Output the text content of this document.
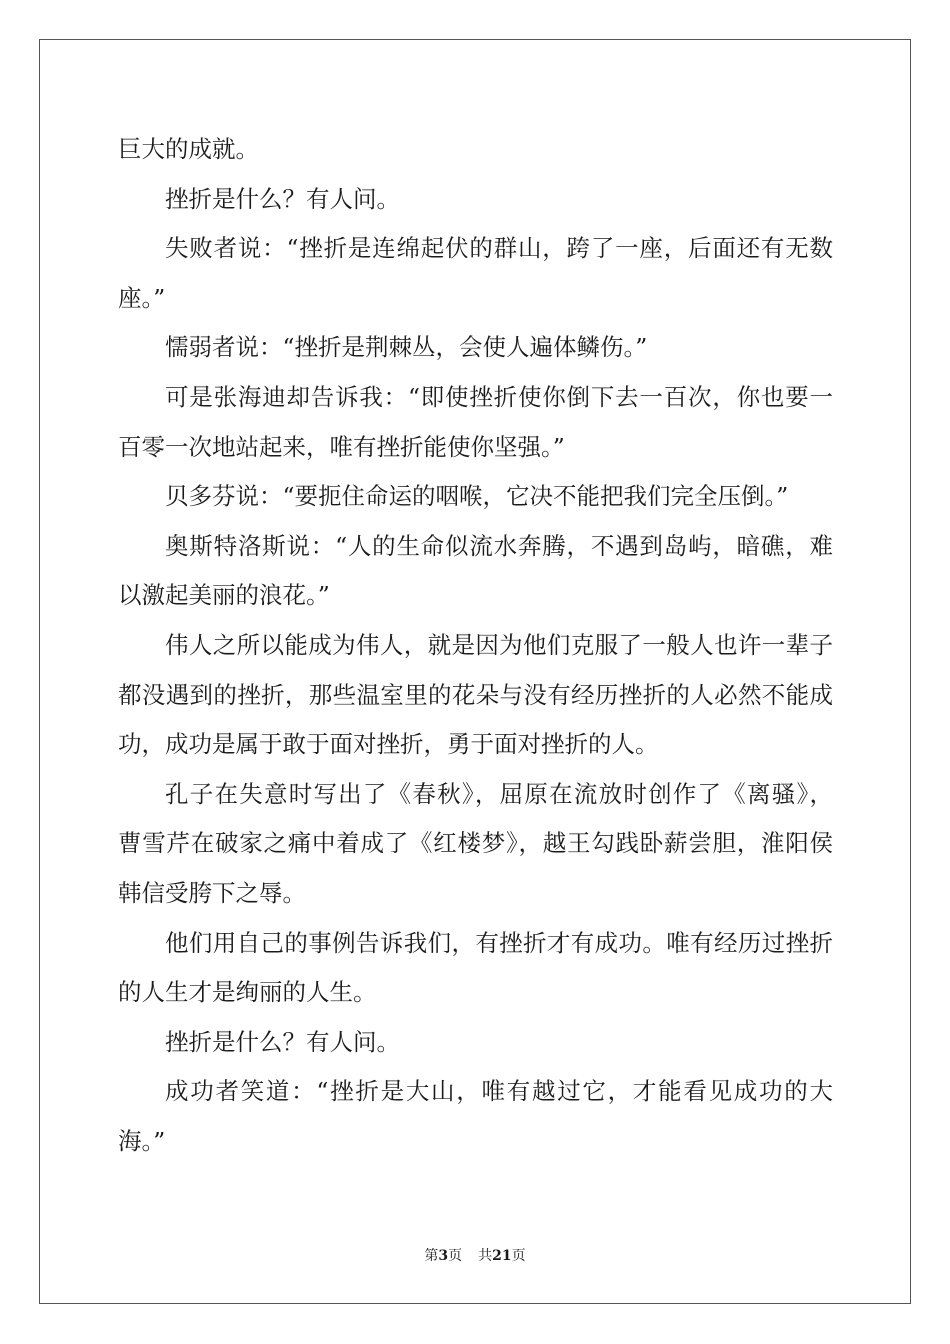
巨大的成就。
挫折是什么？有人问。
失败者说：“挫折是连绵起伏的群山，跨了一座，后面还有无数
座。”
懦弱者说：“挫折是荆棘丛，会使人遍体鳞伤。”
可是张海迪却告诉我：“即使挫折使你倒下去一百次，你也要一
百零一次地站起来，唯有挫折能使你坚强。”
贝多芬说：“要扼住命运的咽喉，它决不能把我们完全压倒。”
奥斯特洛斯说：“人的生命似流水奔腾，不遇到岛屿，暗礁，难
以激起美丽的浪花。”
伟人之所以能成为伟人，就是因为他们克服了一般人也许一辈子
都没遇到的挫折，那些温室里的花朵与没有经历挫折的人必然不能成
功，成功是属于敢于面对挫折，勇于面对挫折的人。
孔子在失意时写出了《春秋》，屈原在流放时创作了《离骚》，
曹雪芹在破家之痛中着成了《红楼梦》，越王勾践卧薪尝胆，淮阳侯
韩信受胯下之辱。
他们用自己的事例告诉我们，有挫折才有成功。唯有经历过挫折
的人生才是绚丽的人生。
挫折是什么？有人问。
成功者笑道：“挫折是大山，唯有越过它，才能看见成功的大
海。”
第3页 共21页
